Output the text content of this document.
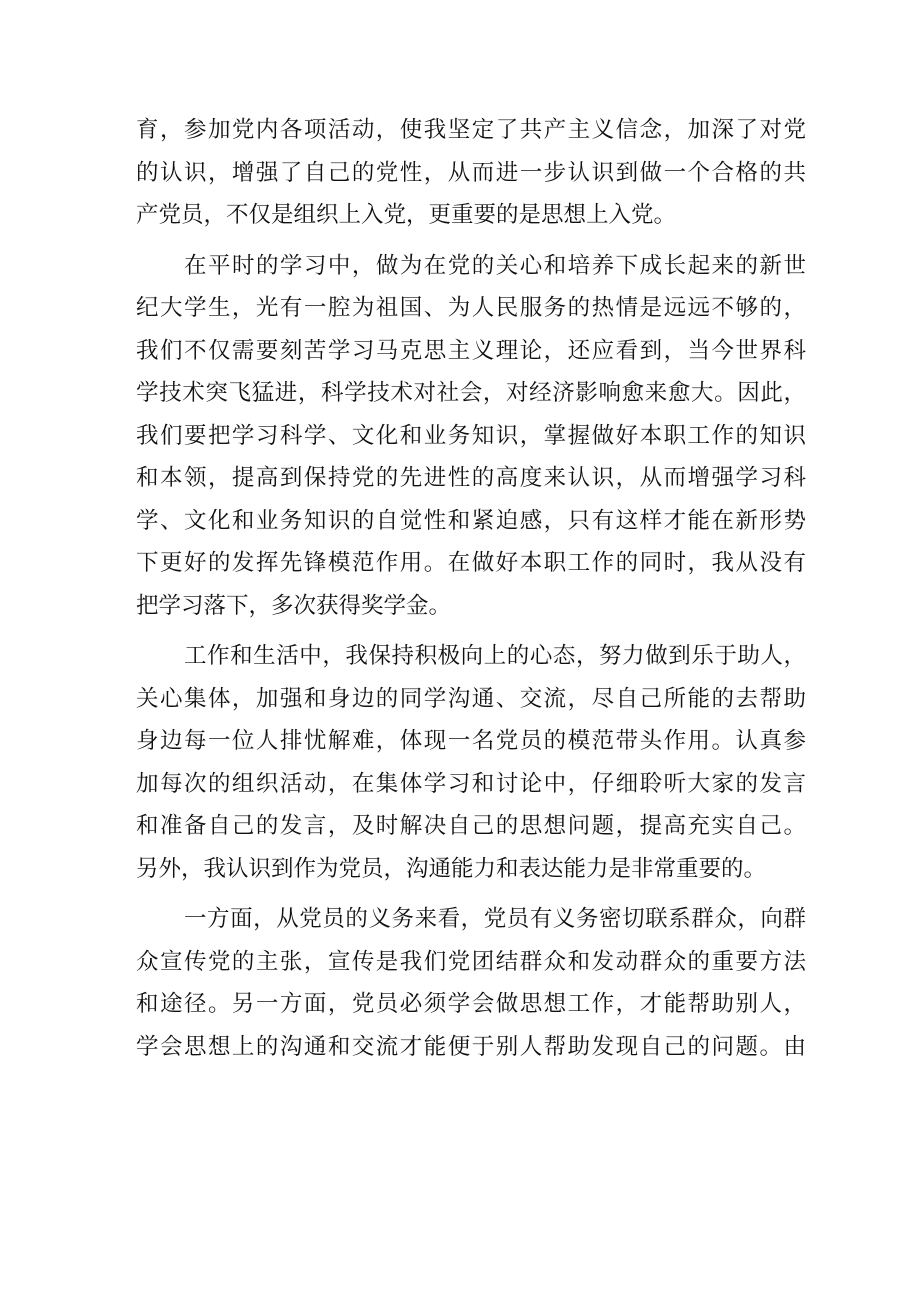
育，参加党内各项活动，使我坚定了共产主义信念，加深了对党
的认识，增强了自己的党性，从而进一步认识到做一个合格的共
产党员，不仅是组织上入党，更重要的是思想上入党。
在平时的学习中，做为在党的关心和培养下成长起来的新世
纪大学生，光有一腔为祖国、为人民服务的热情是远远不够的，
我们不仅需要刻苦学习马克思主义理论，还应看到，当今世界科
学技术突飞猛进，科学技术对社会，对经济影响愈来愈大。因此，
我们要把学习科学、文化和业务知识，掌握做好本职工作的知识
和本领，提高到保持党的先进性的高度来认识，从而增强学习科
学、文化和业务知识的自觉性和紧迫感，只有这样才能在新形势
下更好的发挥先锋模范作用。在做好本职工作的同时，我从没有
把学习落下，多次获得奖学金。
工作和生活中，我保持积极向上的心态，努力做到乐于助人，
关心集体，加强和身边的同学沟通、交流，尽自己所能的去帮助
身边每一位人排忧解难，体现一名党员的模范带头作用。认真参
加每次的组织活动，在集体学习和讨论中，仔细聆听大家的发言
和准备自己的发言，及时解决自己的思想问题，提高充实自己。
另外，我认识到作为党员，沟通能力和表达能力是非常重要的。
一方面，从党员的义务来看，党员有义务密切联系群众，向群
众宣传党的主张，宣传是我们党团结群众和发动群众的重要方法
和途径。另一方面，党员必须学会做思想工作，才能帮助别人，
学会思想上的沟通和交流才能便于别人帮助发现自己的问题。由
